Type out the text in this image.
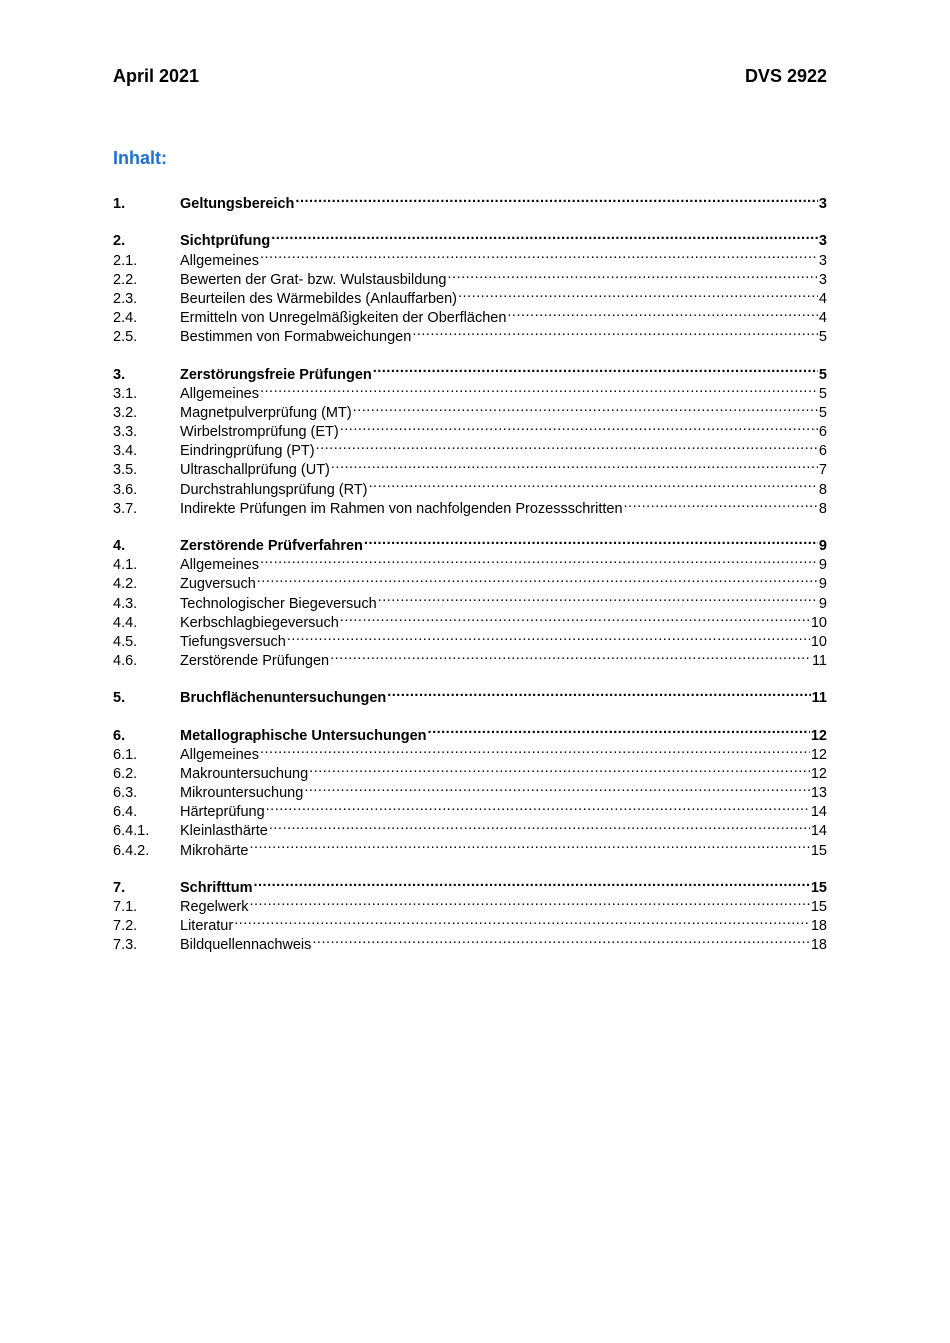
April 2021	DVS 2922
Inhalt:
1.	Geltungsbereich .....	3
2.	Sichtprüfung .....	3
2.1.	Allgemeines .....	3
2.2.	Bewerten der Grat- bzw. Wulstausbildung .....	3
2.3.	Beurteilen des Wärmebildes (Anlauffarben) .....	4
2.4.	Ermitteln von Unregelmäßigkeiten der Oberflächen .....	4
2.5.	Bestimmen von Formabweichungen .....	5
3.	Zerstörungsfreie Prüfungen .....	5
3.1.	Allgemeines .....	5
3.2.	Magnetpulverprüfung (MT) .....	5
3.3.	Wirbelstromprüfung (ET) .....	6
3.4.	Eindringprüfung (PT) .....	6
3.5.	Ultraschallprüfung (UT) .....	7
3.6.	Durchstrahlungsprüfung (RT) .....	8
3.7.	Indirekte Prüfungen im Rahmen von nachfolgenden Prozessschritten .....	8
4.	Zerstörende Prüfverfahren .....	9
4.1.	Allgemeines .....	9
4.2.	Zugversuch .....	9
4.3.	Technologischer Biegeversuch .....	9
4.4.	Kerbschlagbiegeversuch .....	10
4.5.	Tiefungsversuch .....	10
4.6.	Zerstörende Prüfungen .....	11
5.	Bruchflächenuntersuchungen .....	11
6.	Metallographische Untersuchungen .....	12
6.1.	Allgemeines .....	12
6.2.	Makrountersuchung .....	12
6.3.	Mikrountersuchung .....	13
6.4.	Härteprüfung .....	14
6.4.1.	Kleinlasthärte .....	14
6.4.2.	Mikrohärte .....	15
7.	Schrifttum .....	15
7.1.	Regelwerk .....	15
7.2.	Literatur .....	18
7.3.	Bildquellennachweis .....	18
